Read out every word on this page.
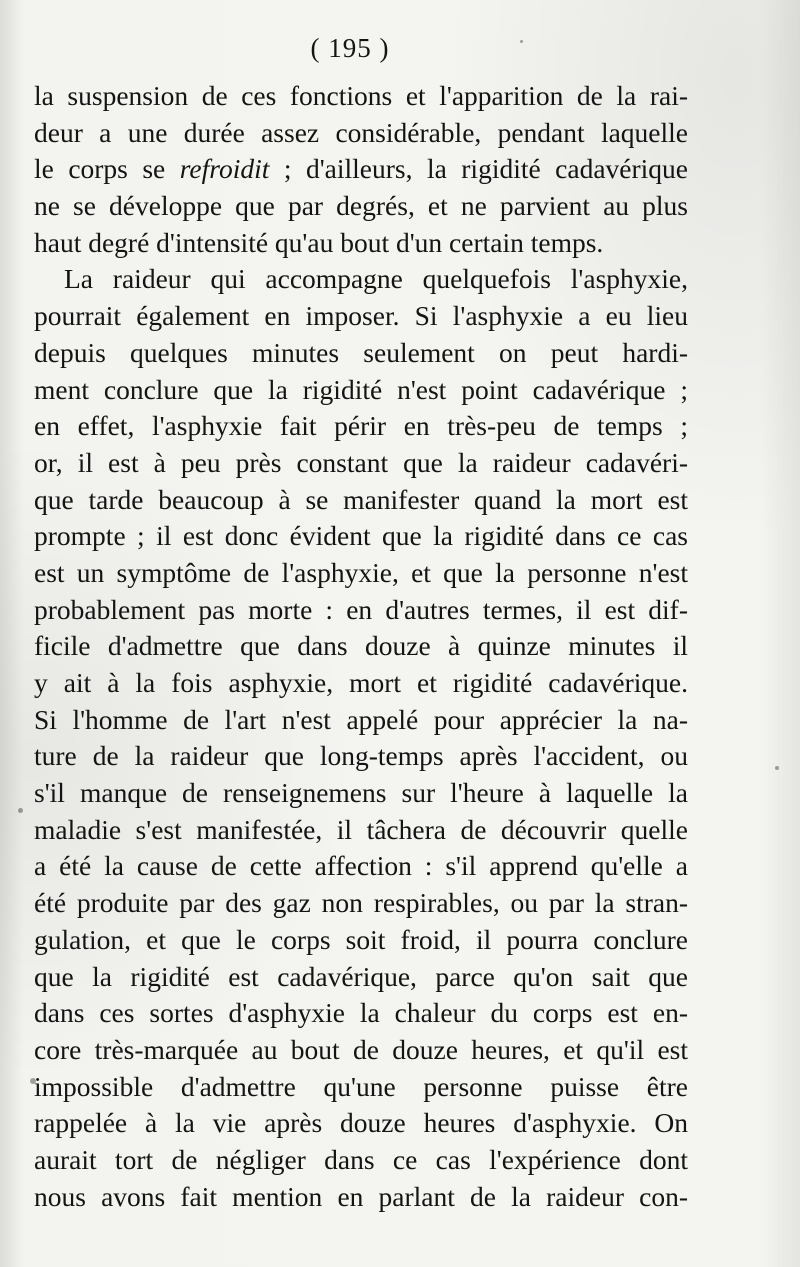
( 195 )
la suspension de ces fonctions et l'apparition de la rai-
deur a une durée assez considérable, pendant laquelle
le corps se refroidit ; d'ailleurs, la rigidité cadavérique
ne se développe que par degrés, et ne parvient au plus
haut degré d'intensité qu'au bout d'un certain temps.
La raideur qui accompagne quelquefois l'asphyxie,
pourrait également en imposer. Si l'asphyxie a eu lieu
depuis quelques minutes seulement on peut hardi-
ment conclure que la rigidité n'est point cadavérique ;
en effet, l'asphyxie fait périr en très-peu de temps ;
or, il est à peu près constant que la raideur cadavéri-
que tarde beaucoup à se manifester quand la mort est
prompte ; il est donc évident que la rigidité dans ce cas
est un symptôme de l'asphyxie, et que la personne n'est
probablement pas morte : en d'autres termes, il est dif-
ficile d'admettre que dans douze à quinze minutes il
y ait à la fois asphyxie, mort et rigidité cadavérique.
Si l'homme de l'art n'est appelé pour apprécier la na-
ture de la raideur que long-temps après l'accident, ou
s'il manque de renseignemens sur l'heure à laquelle la
maladie s'est manifestée, il tâchera de découvrir quelle
a été la cause de cette affection : s'il apprend qu'elle a
été produite par des gaz non respirables, ou par la stran-
gulation, et que le corps soit froid, il pourra conclure
que la rigidité est cadavérique, parce qu'on sait que
dans ces sortes d'asphyxie la chaleur du corps est en-
core très-marquée au bout de douze heures, et qu'il est
impossible d'admettre qu'une personne puisse être
rappelée à la vie après douze heures d'asphyxie. On
aurait tort de négliger dans ce cas l'expérience dont
nous avons fait mention en parlant de la raideur con-
